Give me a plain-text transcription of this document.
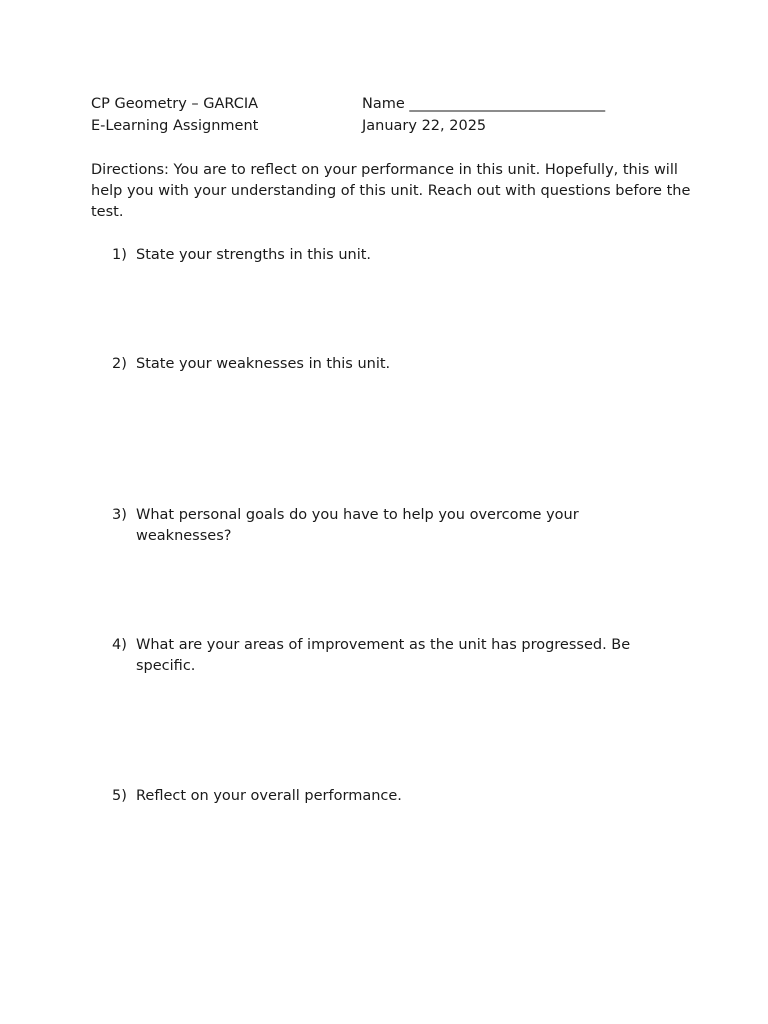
CP Geometry – GARCIA	Name ___________________________
E-Learning Assignment	January 22, 2025
Directions: You are to reflect on your performance in this unit. Hopefully, this will help you with your understanding of this unit. Reach out with questions before the test.
1) State your strengths in this unit.
2) State your weaknesses in this unit.
3) What personal goals do you have to help you overcome your weaknesses?
4) What are your areas of improvement as the unit has progressed. Be specific.
5) Reflect on your overall performance.
